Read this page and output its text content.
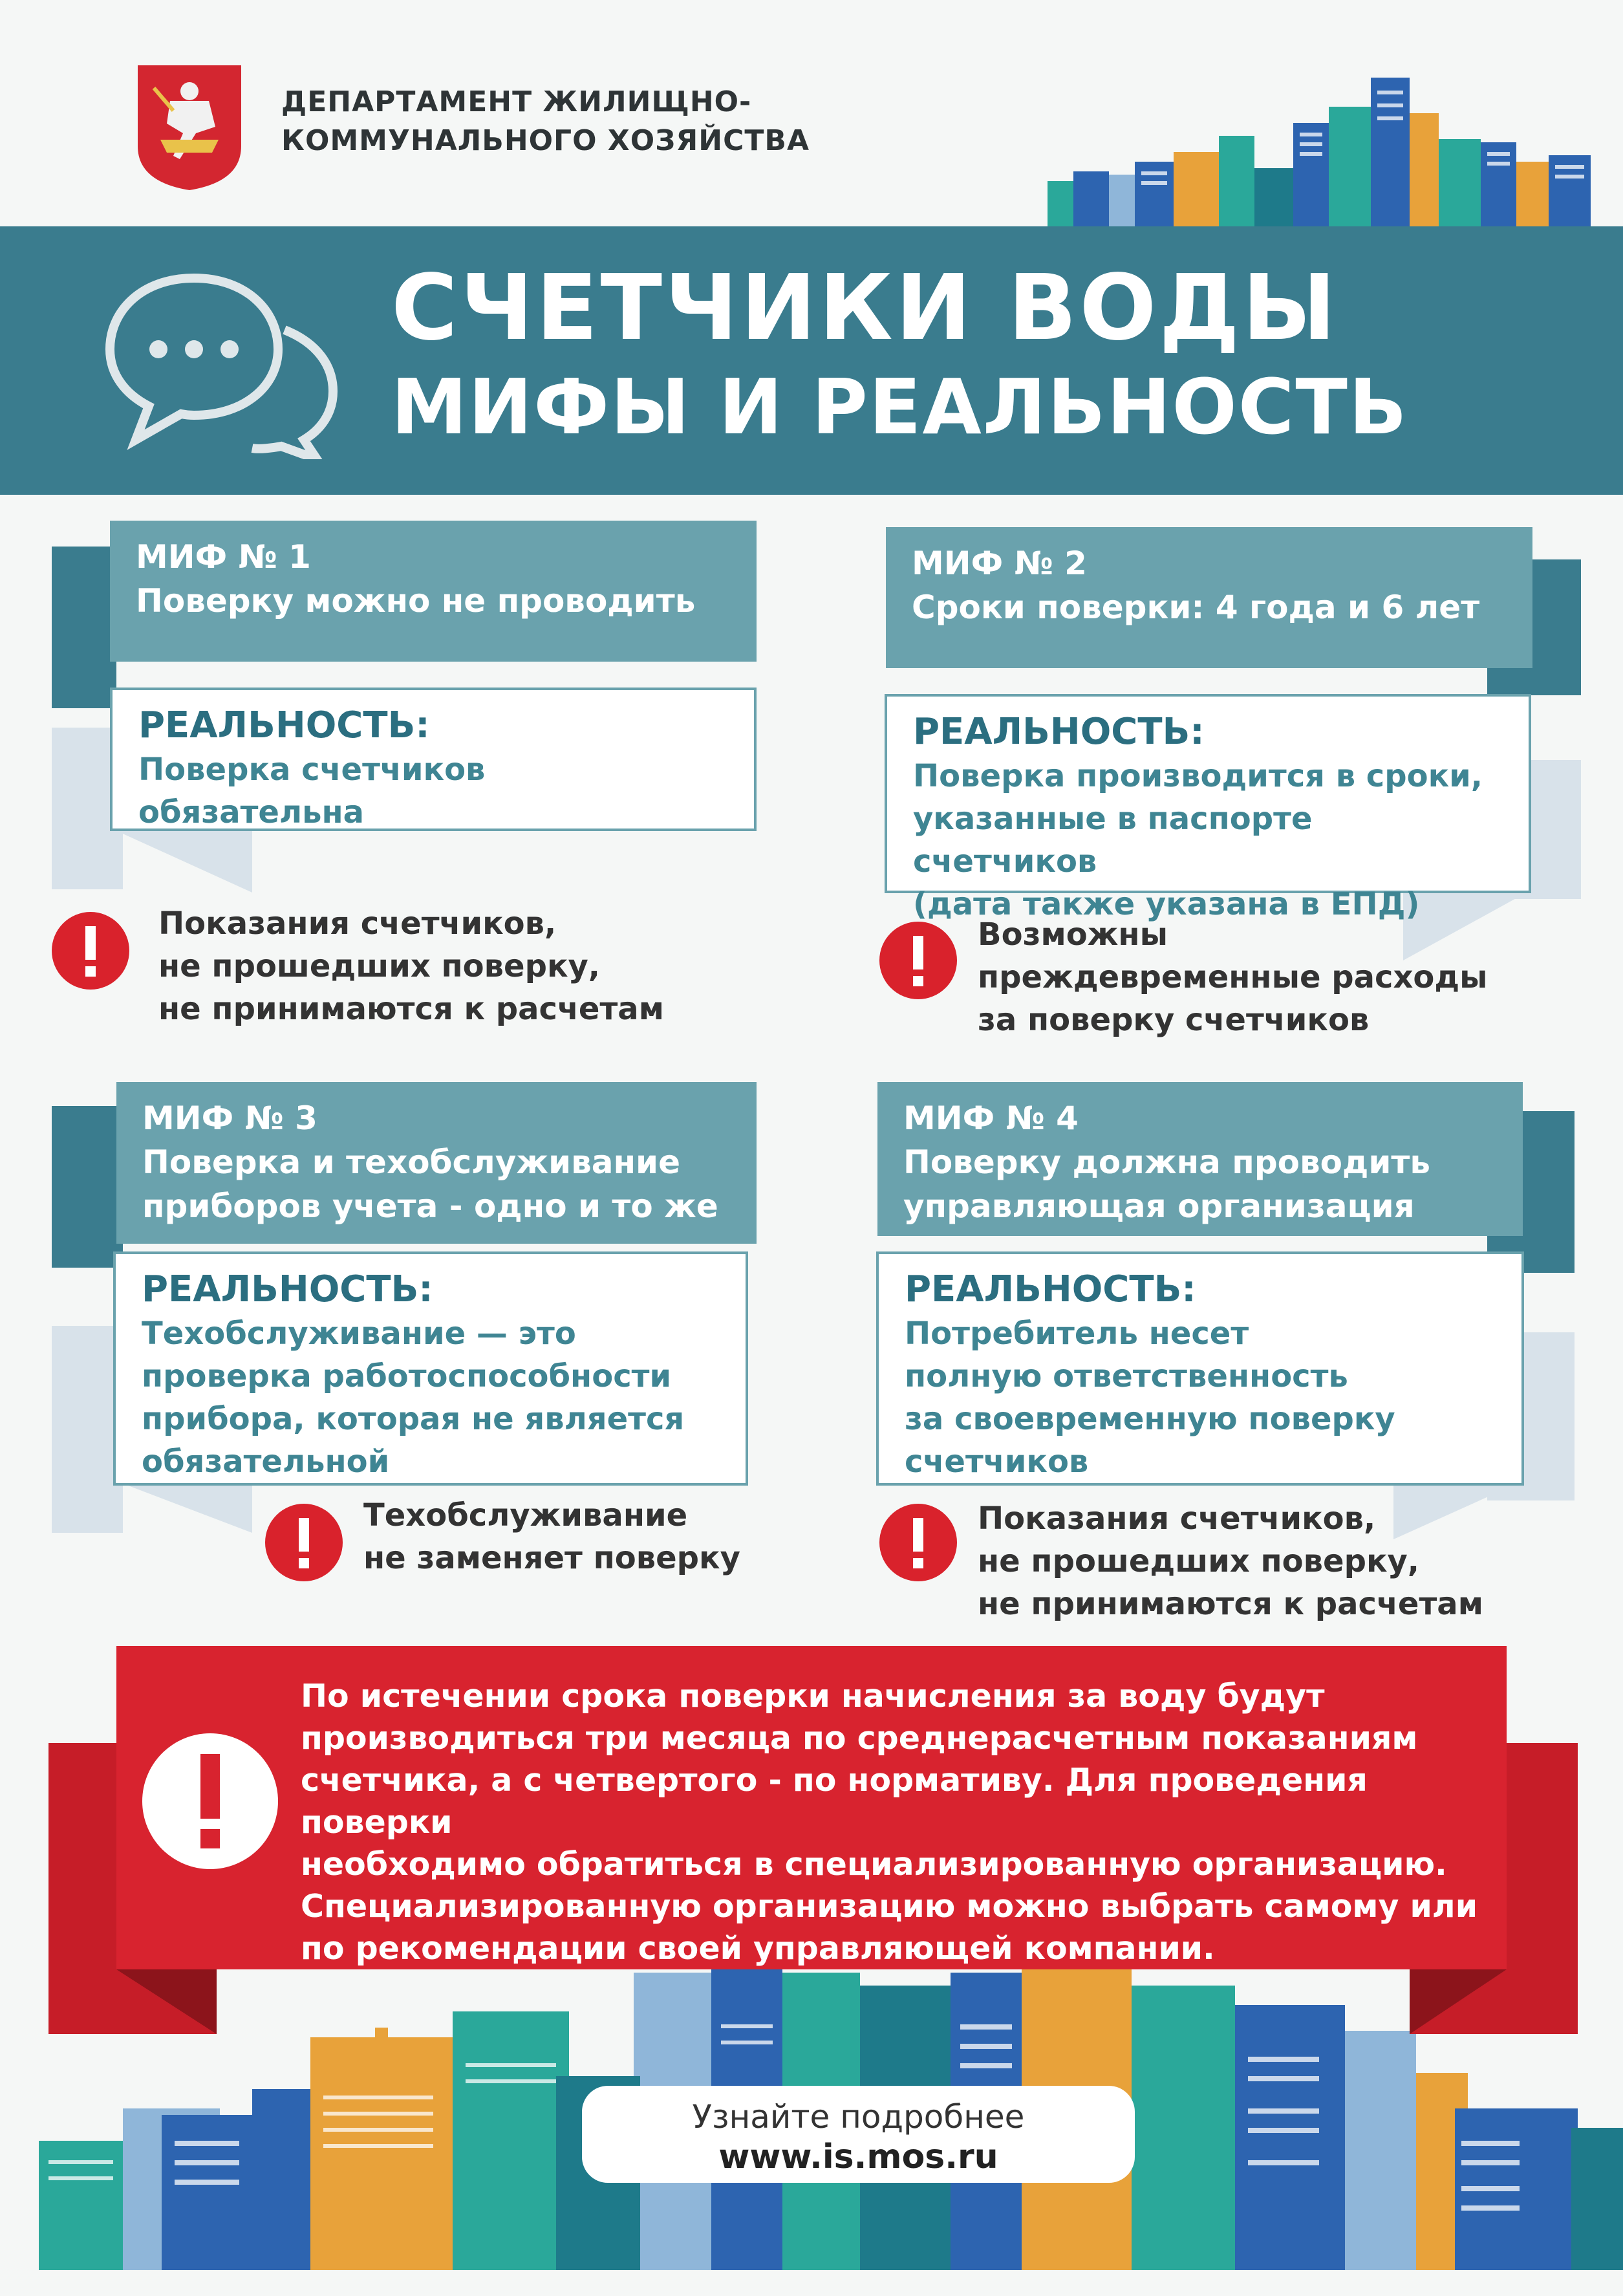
ДЕПАРТАМЕНТ ЖИЛИЩНО-
КОММУНАЛЬНОГО ХОЗЯЙСТВА
СЧЕТЧИКИ ВОДЫ
МИФЫ И РЕАЛЬНОСТЬ
МИФ № 1
Поверку можно не проводить
РЕАЛЬНОСТЬ:
Поверка счетчиков
обязательна
Показания счетчиков,
не прошедших поверку,
не принимаются к расчетам
МИФ № 2
Сроки поверки: 4 года и 6 лет
РЕАЛЬНОСТЬ:
Поверка производится в сроки,
указанные в паспорте счетчиков
(дата также указана в ЕПД)
Возможны
преждевременные расходы
за поверку счетчиков
МИФ № 3
Поверка и техобслуживание
приборов учета - одно и то же
РЕАЛЬНОСТЬ:
Техобслуживание — это
проверка работоспособности
прибора, которая не является
обязательной
Техобслуживание
не заменяет поверку
МИФ № 4
Поверку должна проводить
управляющая организация
РЕАЛЬНОСТЬ:
Потребитель несет
полную ответственность
за своевременную поверку
счетчиков
Показания счетчиков,
не прошедших поверку,
не принимаются к расчетам
По истечении срока поверки начисления за воду будут
производиться три месяца по среднерасчетным показаниям
счетчика, а с четвертого - по нормативу. Для проведения поверки
необходимо обратиться в специализированную организацию.
Специализированную организацию можно выбрать самому или
по рекомендации своей управляющей компании.
Узнайте подробнее
www.is.mos.ru
